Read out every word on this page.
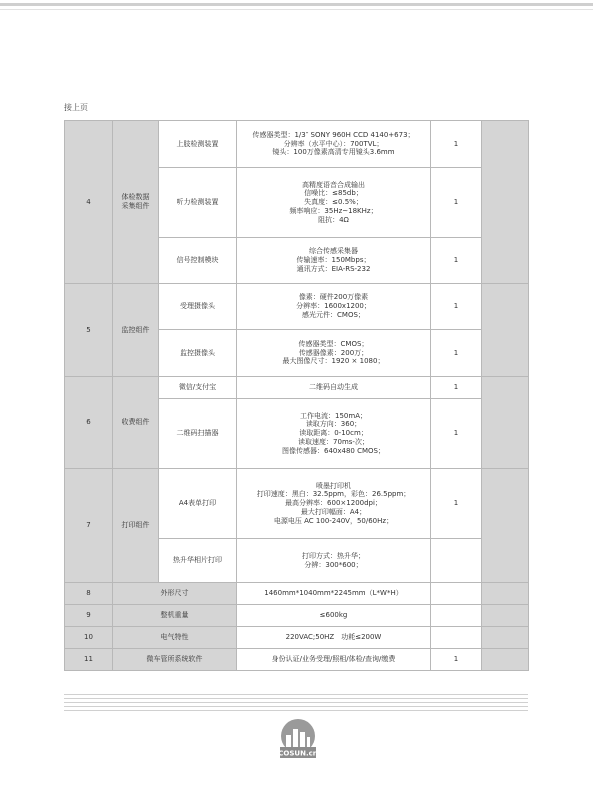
接上页
4	体检数据
采集组件	上肢检测装置	传感器类型：1/3″ SONY 960H CCD 4140+673；
分辨率（水平中心）：700TVL；
镜头：100万像素高清专用镜头3.6mm	1	
		听力检测装置	高精度语音合成输出
信噪比：≤85db；
失真度：≤0.5%；
频率响应：35Hz~18KHz；
阻抗：4Ω	1	
		信号控制模块	综合传感采集器
传输速率：150Mbps；
通讯方式：EIA-RS-232	1	
5	监控组件	受理摄像头	像素：硬件200万像素
分辨率：1600x1200；
感光元件：CMOS；	1	
		监控摄像头	传感器类型：CMOS；
传感器像素：200万；
最大图像尺寸：1920 × 1080；	1	
6	收费组件	微信/支付宝	二维码自动生成	1	
		二维码扫描器	工作电流：150mA；
读取方向：360；
读取距离：0-10cm；
读取速度：70ms-次；
图像传感器：640x480 CMOS；	1	
7	打印组件	A4表单打印	喷墨打印机
打印速度：黑白：32.5ppm，彩色：26.5ppm；
最高分辨率：600×1200dpi；
最大打印幅面：A4；
电源电压 AC 100-240V，50/60Hz；	1	
		热升华相片打印	打印方式：热升华；
分辨：300*600；		

8	外形尺寸		1460mm*1040mm*2245mm（L*W*H）		
9	整机重量		≤600kg		
10	电气特性		220VAC;50HZ　功耗≤200W		
11	微车管所系统软件		身份认证/业务受理/照相/体检/查询/缴费	1	
COSUN.cn
